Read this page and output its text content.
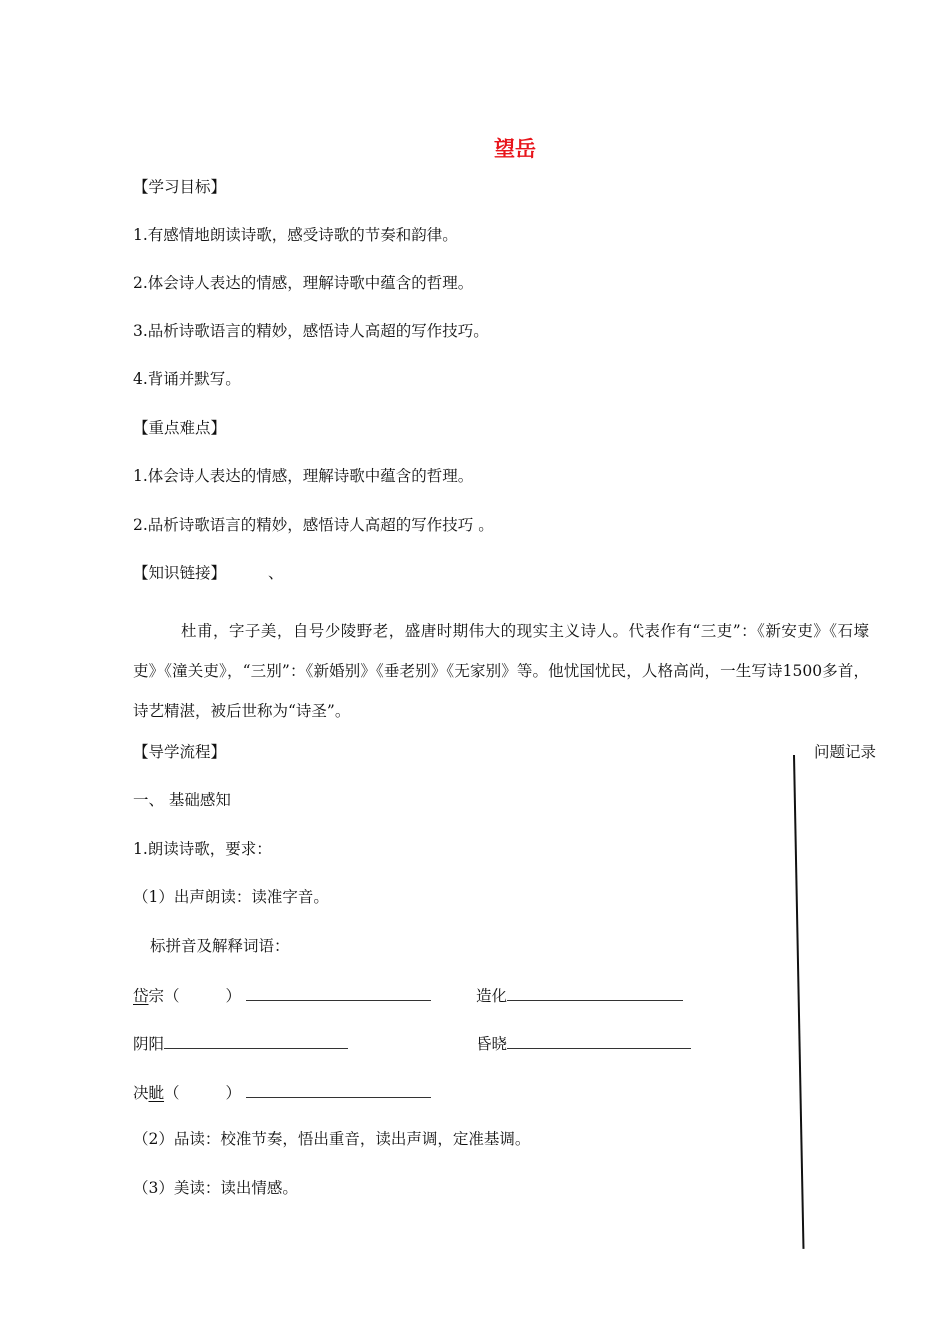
望岳
【学习目标】
1.有感情地朗读诗歌，感受诗歌的节奏和韵律。
2.体会诗人表达的情感，理解诗歌中蕴含的哲理。
3.品析诗歌语言的精妙，感悟诗人高超的写作技巧。
4.背诵并默写。
【重点难点】
1.体会诗人表达的情感，理解诗歌中蕴含的哲理。
2.品析诗歌语言的精妙，感悟诗人高超的写作技巧 。
【知识链接】	、
杜甫，字子美，自号少陵野老，盛唐时期伟大的现实主义诗人。代表作有“三吏”：《新安吏》《石壕吏》《潼关吏》，“三别”：《新婚别》《垂老别》《无家别》等。他忧国忧民，人格高尚，一生写诗1500多首，诗艺精湛，被后世称为“诗圣”。
【导学流程】	问题记录
一、 基础感知
1.朗读诗歌，要求：
（1）出声朗读：读准字音。
标拼音及解释词语：
岱宗（	）	造化
阴阳	昏晓
决眦（	）
（2）品读：校准节奏，悟出重音，读出声调，定准基调。
（3）美读：读出情感。
